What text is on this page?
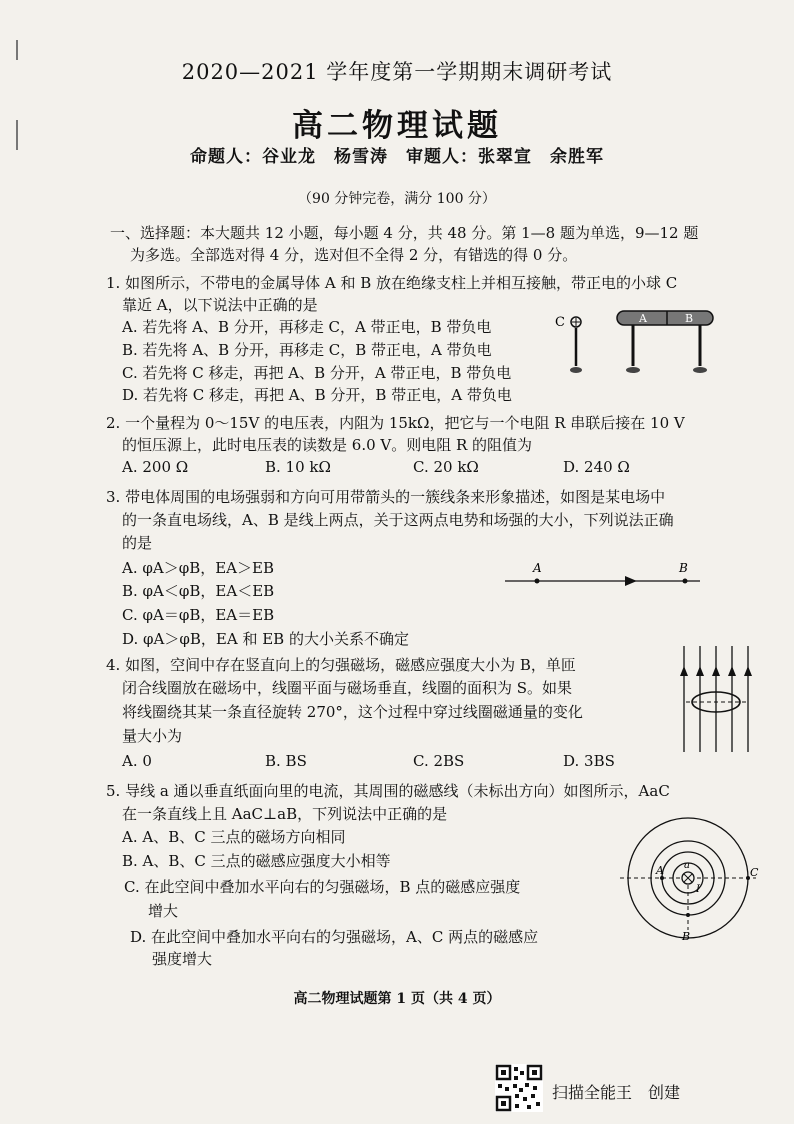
2020—2021 学年度第一学期期末调研考试
高二物理试题
命题人：谷业龙　杨雪涛　审题人：张翠宣　余胜军
（90 分钟完卷，满分 100 分）
一、选择题：本大题共 12 小题，每小题 4 分，共 48 分。第 1—8 题为单选，9—12 题
为多选。全部选对得 4 分，选对但不全得 2 分，有错选的得 0 分。
1. 如图所示，不带电的金属导体 A 和 B 放在绝缘支柱上并相互接触，带正电的小球 C
靠近 A，以下说法中正确的是
A. 若先将 A、B 分开，再移走 C，A 带正电，B 带负电
B. 若先将 A、B 分开，再移走 C，B 带正电，A 带负电
C. 若先将 C 移走，再把 A、B 分开，A 带正电，B 带负电
D. 若先将 C 移走，再把 A、B 分开，B 带正电，A 带负电
C	A	B
2. 一个量程为 0～15V 的电压表，内阻为 15kΩ，把它与一个电阻 R 串联后接在 10 V
的恒压源上，此时电压表的读数是 6.0 V。则电阻 R 的阻值为
A. 200 Ω	B. 10 kΩ	C. 20 kΩ	D. 240 Ω
3. 带电体周围的电场强弱和方向可用带箭头的一簇线条来形象描述，如图是某电场中
的一条直电场线，A、B 是线上两点，关于这两点电势和场强的大小，下列说法正确
的是
A. φA＞φB，EA＞EB
B. φA＜φB，EA＜EB
C. φA＝φB，EA＝EB
D. φA＞φB，EA 和 EB 的大小关系不确定
A	B
4. 如图，空间中存在竖直向上的匀强磁场，磁感应强度大小为 B，单匝
闭合线圈放在磁场中，线圈平面与磁场垂直，线圈的面积为 S。如果
将线圈绕其某一条直径旋转 270°，这个过程中穿过线圈磁通量的变化
量大小为
A. 0	B. BS	C. 2BS	D. 3BS
5. 导线 a 通以垂直纸面向里的电流，其周围的磁感线（未标出方向）如图所示，AaC
在一条直线上且 AaC⊥aB，下列说法中正确的是
A. A、B、C 三点的磁场方向相同
B. A、B、C 三点的磁感应强度大小相等
C. 在此空间中叠加水平向右的匀强磁场，B 点的磁感应强度
增大
D. 在此空间中叠加水平向右的匀强磁场，A、C 两点的磁感应
强度增大
a
I
A	C
B
高二物理试题第 1 页（共 4 页）
扫描全能王　创建
